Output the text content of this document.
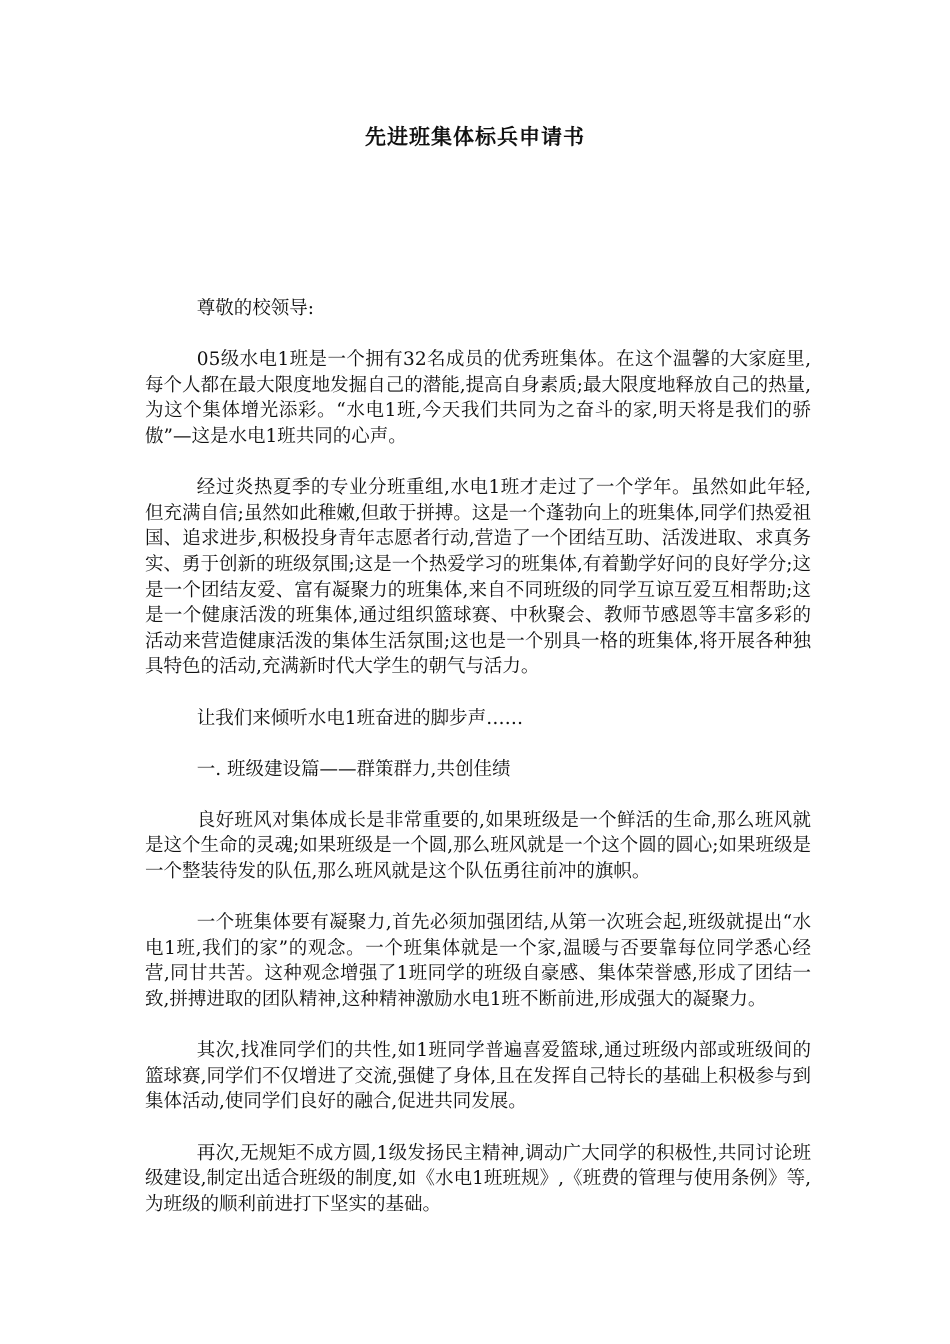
先进班集体标兵申请书

尊敬的校领导:

05级水电1班是一个拥有32名成员的优秀班集体。在这个温馨的大家庭里,每个人都在最大限度地发掘自己的潜能,提高自身素质;最大限度地释放自己的热量,为这个集体增光添彩。“水电1班,今天我们共同为之奋斗的家,明天将是我们的骄傲”—这是水电1班共同的心声。

经过炎热夏季的专业分班重组,水电1班才走过了一个学年。虽然如此年轻,但充满自信;虽然如此稚嫩,但敢于拼搏。这是一个蓬勃向上的班集体,同学们热爱祖国、追求进步,积极投身青年志愿者行动,营造了一个团结互助、活泼进取、求真务实、勇于创新的班级氛围;这是一个热爱学习的班集体,有着勤学好问的良好学分;这是一个团结友爱、富有凝聚力的班集体,来自不同班级的同学互谅互爱互相帮助;这是一个健康活泼的班集体,通过组织篮球赛、中秋聚会、教师节感恩等丰富多彩的活动来营造健康活泼的集体生活氛围;这也是一个别具一格的班集体,将开展各种独具特色的活动,充满新时代大学生的朝气与活力。

让我们来倾听水电1班奋进的脚步声……

一. 班级建设篇——群策群力,共创佳绩

良好班风对集体成长是非常重要的,如果班级是一个鲜活的生命,那么班风就是这个生命的灵魂;如果班级是一个圆,那么班风就是一个这个圆的圆心;如果班级是一个整装待发的队伍,那么班风就是这个队伍勇往前冲的旗帜。

一个班集体要有凝聚力,首先必须加强团结,从第一次班会起,班级就提出“水电1班,我们的家”的观念。一个班集体就是一个家,温暖与否要靠每位同学悉心经营,同甘共苦。这种观念增强了1班同学的班级自豪感、集体荣誉感,形成了团结一致,拼搏进取的团队精神,这种精神激励水电1班不断前进,形成强大的凝聚力。

其次,找准同学们的共性,如1班同学普遍喜爱篮球,通过班级内部或班级间的篮球赛,同学们不仅增进了交流,强健了身体,且在发挥自己特长的基础上积极参与到集体活动,使同学们良好的融合,促进共同发展。

再次,无规矩不成方圆,1级发扬民主精神,调动广大同学的积极性,共同讨论班级建设,制定出适合班级的制度,如《水电1班班规》,《班费的管理与使用条例》等,为班级的顺利前进打下坚实的基础。
